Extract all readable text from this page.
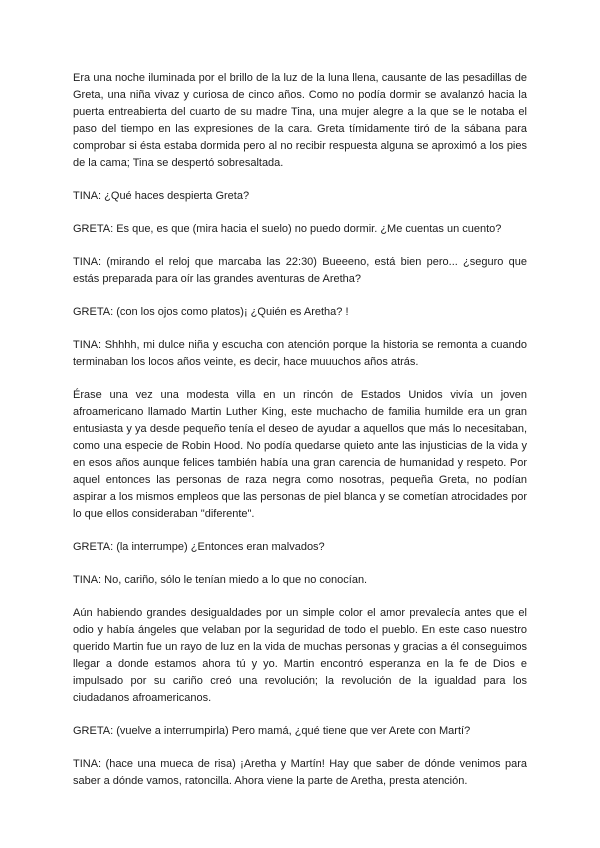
Era una noche iluminada por el brillo de la luz de la luna llena, causante de las pesadillas de Greta, una niña vivaz y curiosa de cinco años. Como no podía dormir se avalanzó hacia la puerta entreabierta del cuarto de su madre Tina, una mujer alegre a la que se le notaba el paso del tiempo en las expresiones de la cara. Greta tímidamente tiró de la sábana para comprobar si ésta estaba dormida pero al no recibir respuesta alguna se aproximó a los pies de la cama; Tina se despertó sobresaltada.

TINA: ¿Qué haces despierta Greta?

GRETA: Es que, es que (mira hacia el suelo) no puedo dormir. ¿Me cuentas un cuento?

TINA: (mirando el reloj que marcaba las 22:30) Bueeeno, está bien pero... ¿seguro que estás preparada para oír las grandes aventuras de Aretha?

GRETA: (con los ojos como platos)¡ ¿Quién es Aretha? !

TINA: Shhhh, mi dulce niña y escucha con atención porque la historia se remonta a cuando terminaban los locos años veinte, es decir, hace muuuchos años atrás.

Érase una vez una modesta villa en un rincón de Estados Unidos vivía un joven afroamericano llamado Martin Luther King, este muchacho de familia humilde era un gran entusiasta y ya desde pequeño tenía el deseo de ayudar a aquellos que más lo necesitaban, como una especie de Robin Hood. No podía quedarse quieto ante las injusticias de la vida y en esos años aunque felices también había una gran carencia de humanidad y respeto. Por aquel entonces las personas de raza negra como nosotras, pequeña Greta, no podían aspirar a los mismos empleos que las personas de piel blanca y se cometían atrocidades por lo que ellos consideraban "diferente".

GRETA: (la interrumpe) ¿Entonces eran malvados?

TINA: No, cariño, sólo le tenían miedo a lo que no conocían.

Aún habiendo grandes desigualdades por un simple color el amor prevalecía antes que el odio y había ángeles que velaban por la seguridad de todo el pueblo. En este caso nuestro querido Martin fue un rayo de luz en la vida de muchas personas y gracias a él conseguimos llegar a donde estamos ahora tú y yo. Martin encontró esperanza en la fe de Dios e impulsado por su cariño creó una revolución; la revolución de la igualdad para los ciudadanos afroamericanos.

GRETA: (vuelve a interrumpirla) Pero mamá, ¿qué tiene que ver Arete con Martí?

TINA: (hace una mueca de risa) ¡Aretha y Martín! Hay que saber de dónde venimos para saber a dónde vamos, ratoncilla. Ahora viene la parte de Aretha, presta atención.
